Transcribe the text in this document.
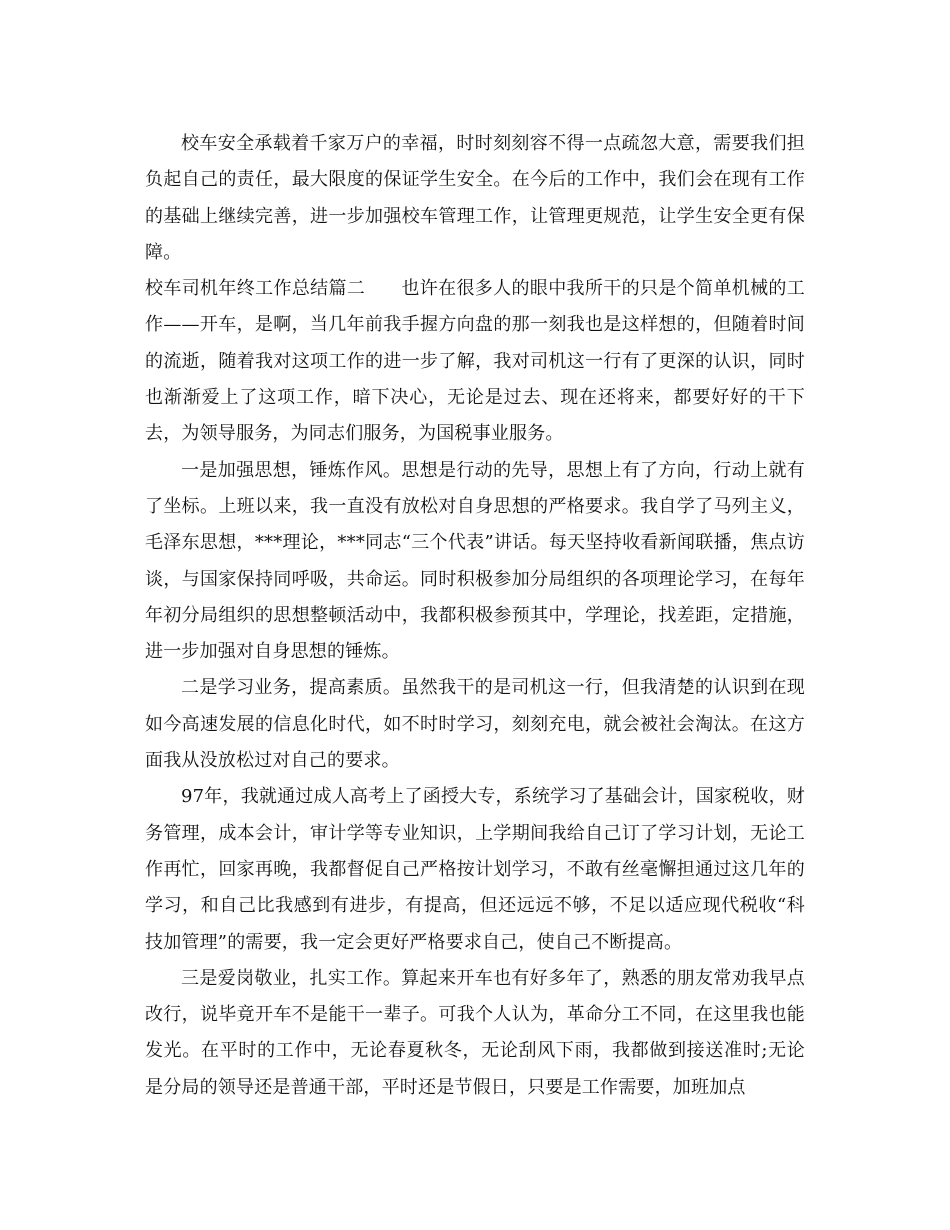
校车安全承载着千家万户的幸福，时时刻刻容不得一点疏忽大意，需要我们担负起自己的责任，最大限度的保证学生安全。在今后的工作中，我们会在现有工作的基础上继续完善，进一步加强校车管理工作，让管理更规范，让学生安全更有保障。

校车司机年终工作总结篇二 也许在很多人的眼中我所干的只是个简单机械的工作——开车，是啊，当几年前我手握方向盘的那一刻我也是这样想的，但随着时间的流逝，随着我对这项工作的进一步了解，我对司机这一行有了更深的认识，同时也渐渐爱上了这项工作，暗下决心，无论是过去、现在还将来，都要好好的干下去，为领导服务，为同志们服务，为国税事业服务。

一是加强思想，锤炼作风。思想是行动的先导，思想上有了方向，行动上就有了坐标。上班以来，我一直没有放松对自身思想的严格要求。我自学了马列主义，毛泽东思想，***理论，***同志“三个代表”讲话。每天坚持收看新闻联播，焦点访谈，与国家保持同呼吸，共命运。同时积极参加分局组织的各项理论学习，在每年年初分局组织的思想整顿活动中，我都积极参预其中，学理论，找差距，定措施，进一步加强对自身思想的锤炼。

二是学习业务，提高素质。虽然我干的是司机这一行，但我清楚的认识到在现如今高速发展的信息化时代，如不时时学习，刻刻充电，就会被社会淘汰。在这方面我从没放松过对自己的要求。

97年，我就通过成人高考上了函授大专，系统学习了基础会计，国家税收，财务管理，成本会计，审计学等专业知识，上学期间我给自己订了学习计划，无论工作再忙，回家再晚，我都督促自己严格按计划学习，不敢有丝毫懈担通过这几年的学习，和自己比我感到有进步，有提高，但还远远不够，不足以适应现代税收“科技加管理”的需要，我一定会更好严格要求自己，使自己不断提高。

三是爱岗敬业，扎实工作。算起来开车也有好多年了，熟悉的朋友常劝我早点改行，说毕竟开车不是能干一辈子。可我个人认为，革命分工不同，在这里我也能发光。在平时的工作中，无论春夏秋冬，无论刮风下雨，我都做到接送准时;无论是分局的领导还是普通干部，平时还是节假日，只要是工作需要，加班加点
